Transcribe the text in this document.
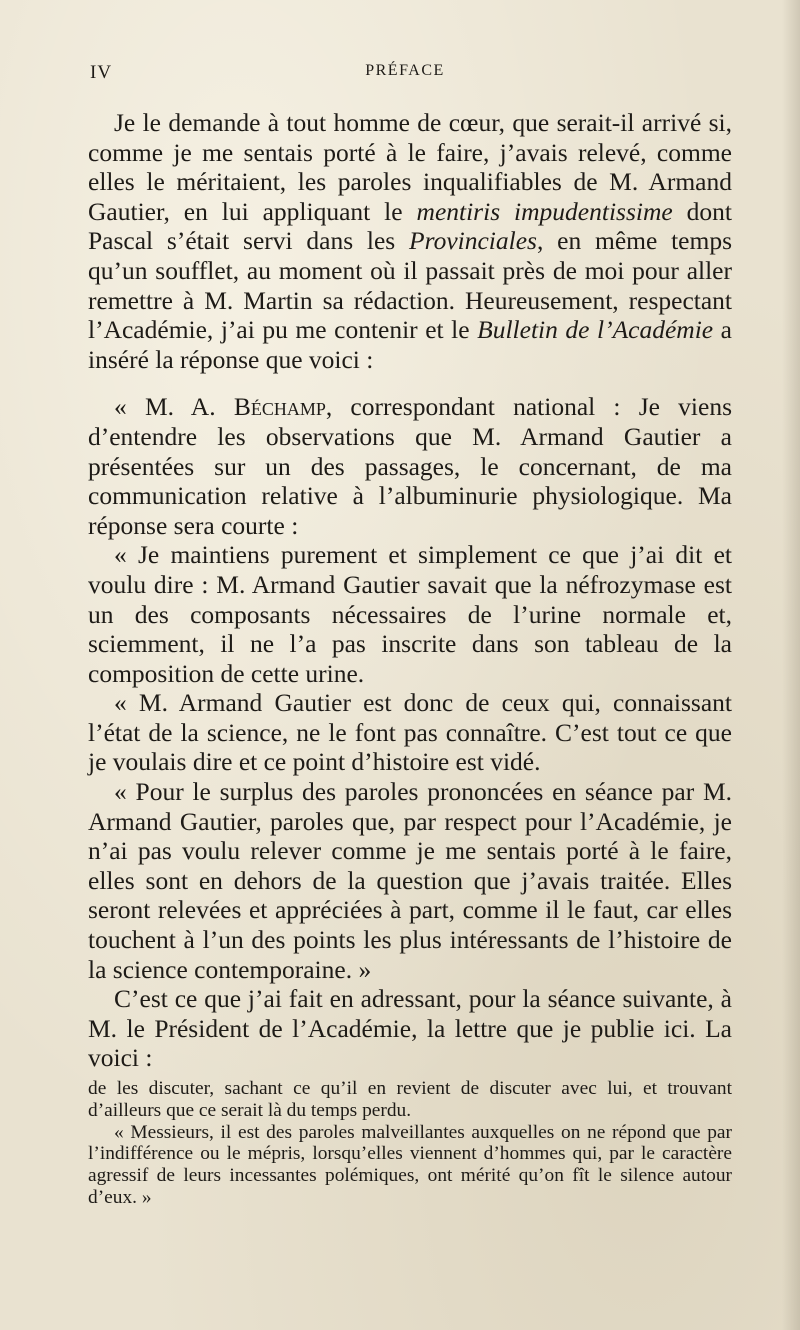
IV	PRÉFACE

Je le demande à tout homme de cœur, que serait-il arrivé si, comme je me sentais porté à le faire, j’avais relevé, comme elles le méritaient, les paroles inqualifiables de M. Armand Gautier, en lui appliquant le mentiris impudentissime dont Pascal s’était servi dans les Provinciales, en même temps qu’un soufflet, au moment où il passait près de moi pour aller remettre à M. Martin sa rédaction. Heureusement, respectant l’Académie, j’ai pu me contenir et le Bulletin de l’Académie a inséré la réponse que voici :

« M. A. Béchamp, correspondant national : Je viens d’entendre les observations que M. Armand Gautier a présentées sur un des passages, le concernant, de ma communication relative à l’albuminurie physiologique. Ma réponse sera courte :

« Je maintiens purement et simplement ce que j’ai dit et voulu dire : M. Armand Gautier savait que la néfrozymase est un des composants nécessaires de l’urine normale et, sciemment, il ne l’a pas inscrite dans son tableau de la composition de cette urine.

« M. Armand Gautier est donc de ceux qui, connaissant l’état de la science, ne le font pas connaître. C’est tout ce que je voulais dire et ce point d’histoire est vidé.

« Pour le surplus des paroles prononcées en séance par M. Armand Gautier, paroles que, par respect pour l’Académie, je n’ai pas voulu relever comme je me sentais porté à le faire, elles sont en dehors de la question que j’avais traitée. Elles seront relevées et appréciées à part, comme il le faut, car elles touchent à l’un des points les plus intéressants de l’histoire de la science contemporaine. »

C’est ce que j’ai fait en adressant, pour la séance suivante, à M. le Président de l’Académie, la lettre que je publie ici. La voici :

de les discuter, sachant ce qu’il en revient de discuter avec lui, et trouvant d’ailleurs que ce serait là du temps perdu.

« Messieurs, il est des paroles malveillantes auxquelles on ne répond que par l’indifférence ou le mépris, lorsqu’elles viennent d’hommes qui, par le caractère agressif de leurs incessantes polémiques, ont mérité qu’on fît le silence autour d’eux. »
